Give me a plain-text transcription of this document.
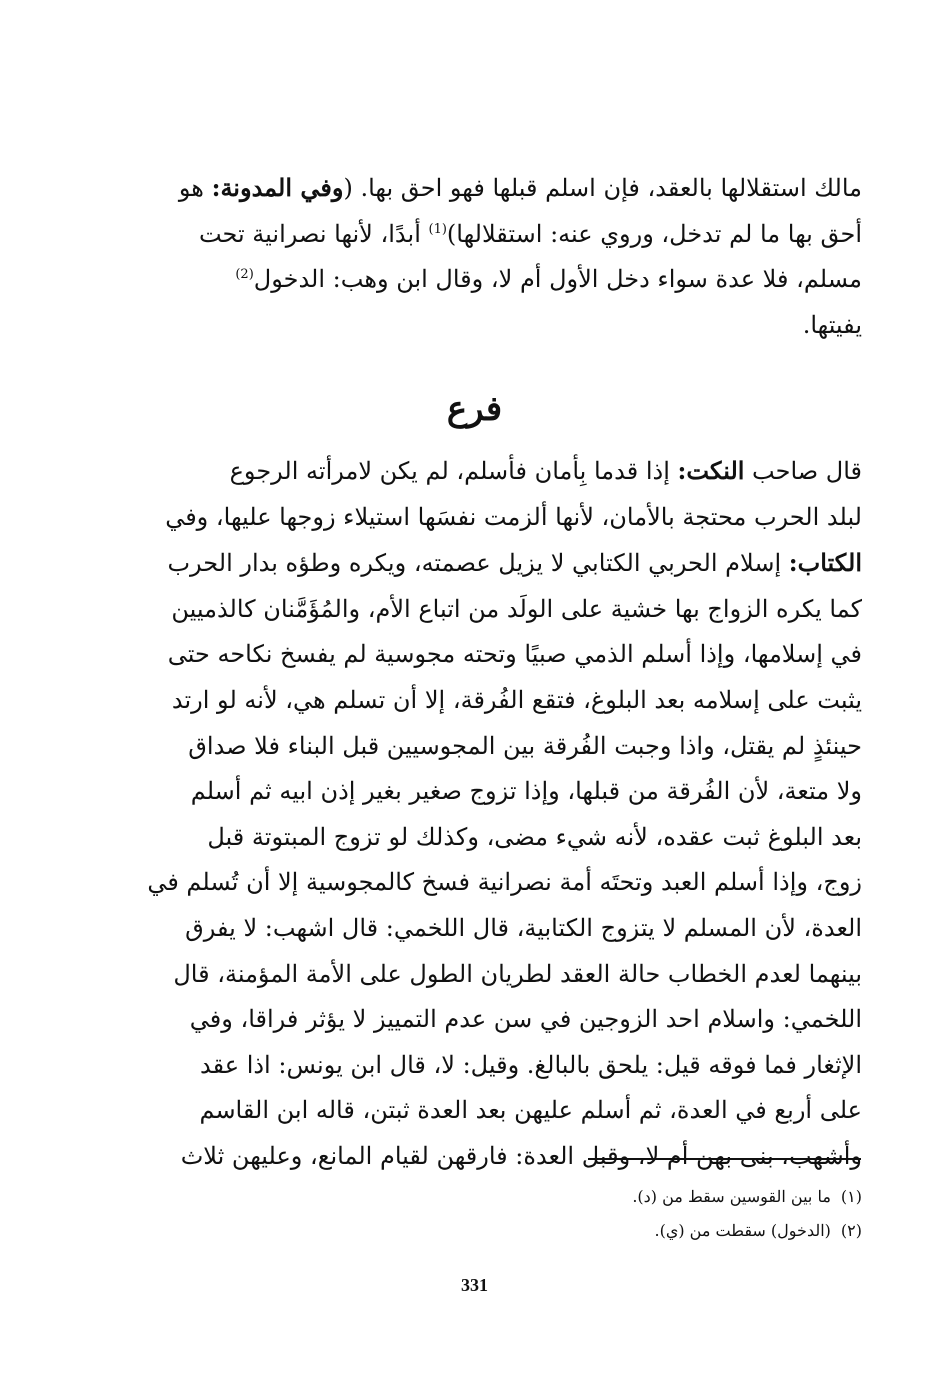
مالك استقلالها بالعقد، فإن اسلم قبلها فهو احق بها. (وفي المدونة: هو
أحق بها ما لم تدخل، وروي عنه: استقلالها)$^{(1)}$ أبدًا، لأنها نصرانية تحت
مسلم، فلا عدة سواء دخل الأول أم لا، وقال ابن وهب: الدخول$^{(2)}$
يفيتها.
فرع
قال صاحب النكت: إذا قدما بِأمان فأسلم، لم يكن لامرأته الرجوع
لبلد الحرب محتجة بالأمان، لأنها ألزمت نفسَها استيلاء زوجها عليها، وفي
الكتاب: إسلام الحربي الكتابي لا يزيل عصمته، ويكره وطؤه بدار الحرب
كما يكره الزواج بها خشية على الولَد من اتباع الأم، والمُؤَمَّنان كالذميين
في إسلامها، وإذا أسلم الذمي صبيًا وتحته مجوسية لم يفسخ نكاحه حتى
يثبت على إسلامه بعد البلوغ، فتقع الفُرقة، إلا أن تسلم هي، لأنه لو ارتد
حينئذٍ لم يقتل، واذا وجبت الفُرقة بين المجوسيين قبل البناء فلا صداق
ولا متعة، لأن الفُرقة من قبلها، وإذا تزوج صغير بغير إذن ابيه ثم أسلم
بعد البلوغ ثبت عقده، لأنه شيء مضى، وكذلك لو تزوج المبتوتة قبل
زوج، وإذا أسلم العبد وتحتَه أمة نصرانية فسخ كالمجوسية إلا أن تُسلم في
العدة، لأن المسلم لا يتزوج الكتابية، قال اللخمي: قال اشهب: لا يفرق
بينهما لعدم الخطاب حالة العقد لطريان الطول على الأمة المؤمنة، قال
اللخمي: واسلام احد الزوجين في سن عدم التمييز لا يؤثر فراقا، وفي
الإثغار فما فوقه قيل: يلحق بالبالغ. وقيل: لا، قال ابن يونس: اذا عقد
على أربع في العدة، ثم أسلم عليهن بعد العدة ثبتن، قاله ابن القاسم
وأشهب، بنى بهن أم لا، وقبل العدة: فارقهن لقيام المانع، وعليهن ثلاث
(١)ما بين القوسين سقط من (د).
(٢)(الدخول) سقطت من (ي).
331
